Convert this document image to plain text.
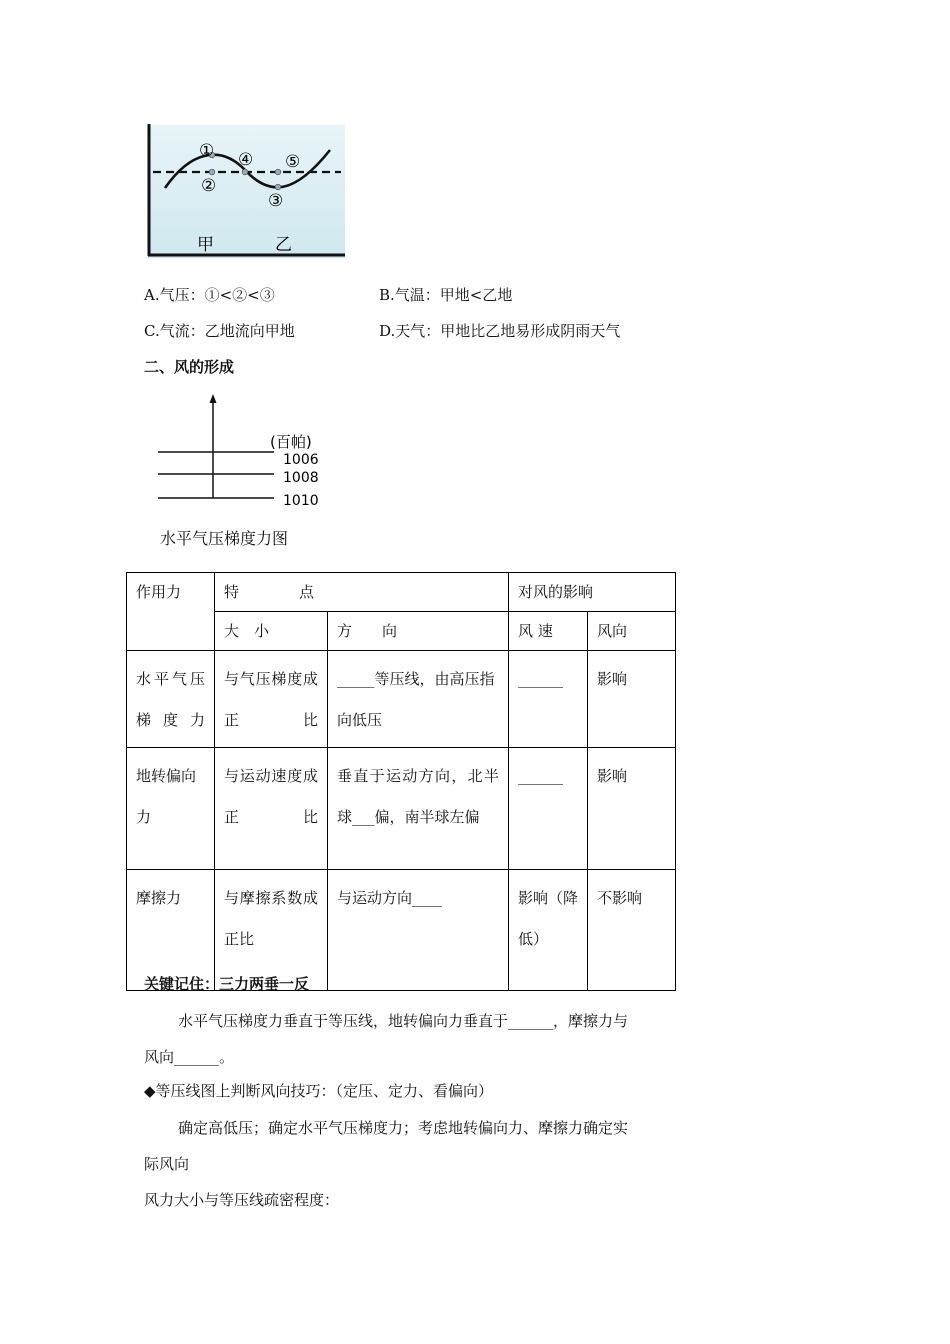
①
②
③
④ ⑤
甲	乙
A.气压：①<②<③	B.气温：甲地<乙地
C.气流：乙地流向甲地	D.天气：甲地比乙地易形成阴雨天气
二、风的形成
(百帕)
1006
1008
1010
水平气压梯度力图
作用力	特　　　　点		对风的影响	
	大　小	方　　向	风 速	风向

水平气压梯度力	与气压梯度成正比	_____等压线，由高压指向低压	______	影响
地转偏向力	与运动速度成正比	垂直于运动方向，北半球___偏，南半球左偏	______	影响
摩擦力	与摩擦系数成正比	与运动方向____	影响（降低）	不影响
关键记住：三力两垂一反
水平气压梯度力垂直于等压线，地转偏向力垂直于______，摩擦力与
风向______。
◆等压线图上判断风向技巧：（定压、定力、看偏向）
确定高低压；确定水平气压梯度力；考虑地转偏向力、摩擦力确定实
际风向
风力大小与等压线疏密程度：
